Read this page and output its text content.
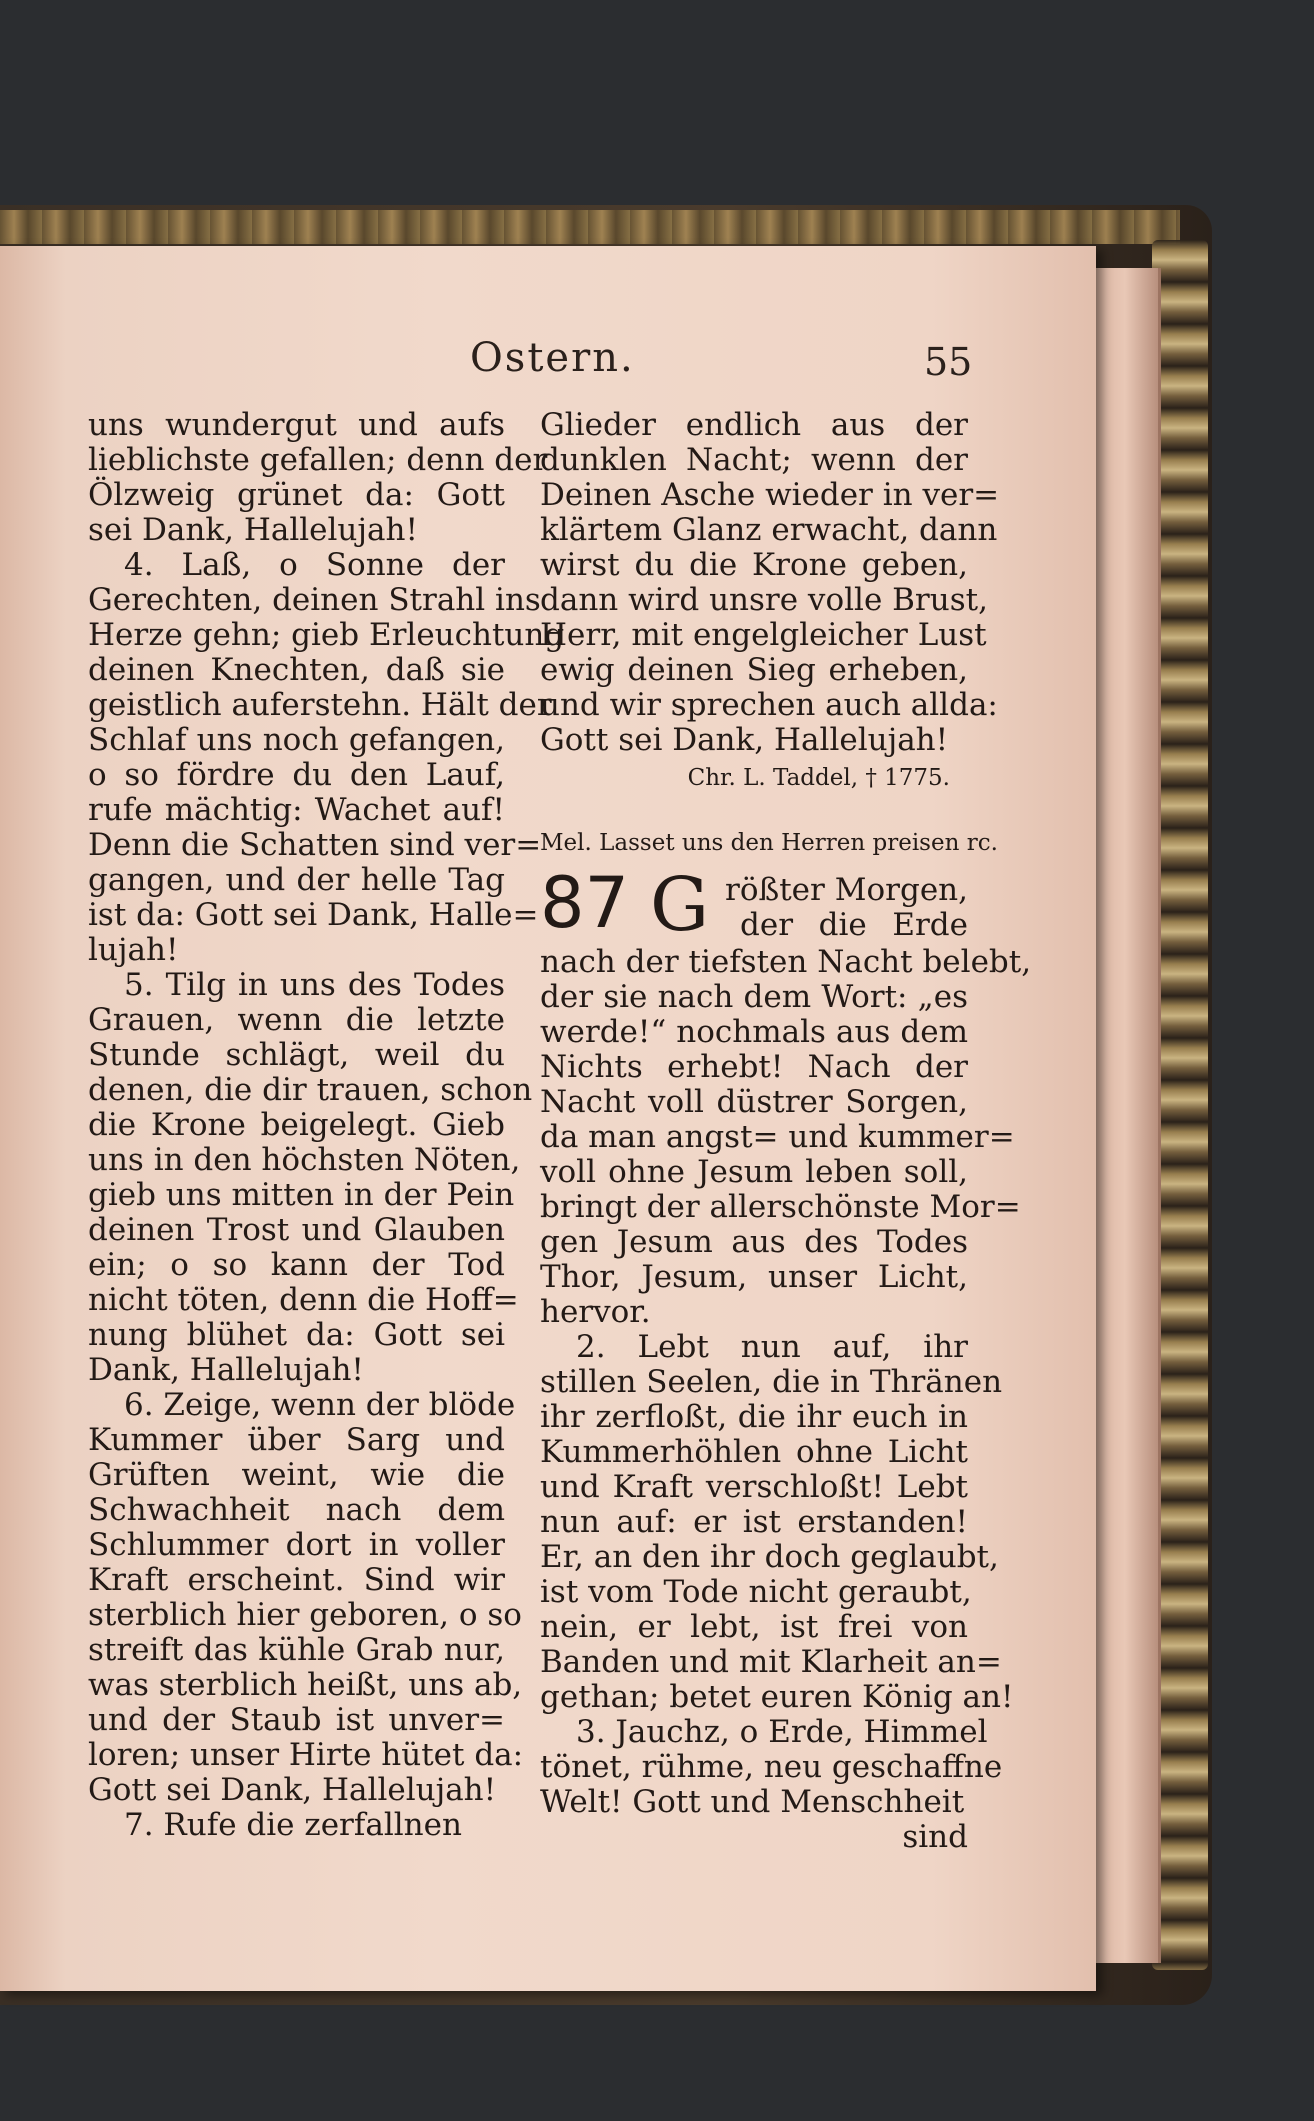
Ostern.	55
uns wundergut und aufs
lieblichste gefallen; denn der
Ölzweig grünet da: Gott
sei Dank, Hallelujah!
4. Laß, o Sonne der
Gerechten, deinen Strahl ins
Herze gehn; gieb Erleuchtung
deinen Knechten, daß sie
geistlich auferstehn. Hält der
Schlaf uns noch gefangen,
o so fördre du den Lauf,
rufe mächtig: Wachet auf!
Denn die Schatten sind ver=
gangen, und der helle Tag
ist da: Gott sei Dank, Halle=
lujah!
5. Tilg in uns des Todes
Grauen, wenn die letzte
Stunde schlägt, weil du
denen, die dir trauen, schon
die Krone beigelegt. Gieb
uns in den höchsten Nöten,
gieb uns mitten in der Pein
deinen Trost und Glauben
ein; o so kann der Tod
nicht töten, denn die Hoff=
nung blühet da: Gott sei
Dank, Hallelujah!
6. Zeige, wenn der blöde
Kummer über Sarg und
Grüften weint, wie die
Schwachheit nach dem
Schlummer dort in voller
Kraft erscheint. Sind wir
sterblich hier geboren, o so
streift das kühle Grab nur,
was sterblich heißt, uns ab,
und der Staub ist unver=
loren; unser Hirte hütet da:
Gott sei Dank, Hallelujah!
7. Rufe die zerfallnen
Glieder endlich aus der
dunklen Nacht; wenn der
Deinen Asche wieder in ver=
klärtem Glanz erwacht, dann
wirst du die Krone geben,
dann wird unsre volle Brust,
Herr, mit engelgleicher Lust
ewig deinen Sieg erheben,
und wir sprechen auch allda:
Gott sei Dank, Hallelujah!
Chr. L. Taddel, † 1775.
Mel. Lasset uns den Herren preisen rc.
87 G rößter Morgen,
der die Erde
nach der tiefsten Nacht belebt,
der sie nach dem Wort: „es
werde!“ nochmals aus dem
Nichts erhebt! Nach der
Nacht voll düstrer Sorgen,
da man angst= und kummer=
voll ohne Jesum leben soll,
bringt der allerschönste Mor=
gen Jesum aus des Todes
Thor, Jesum, unser Licht,
hervor.
2. Lebt nun auf, ihr
stillen Seelen, die in Thränen
ihr zerfloßt, die ihr euch in
Kummerhöhlen ohne Licht
und Kraft verschloßt! Lebt
nun auf: er ist erstanden!
Er, an den ihr doch geglaubt,
ist vom Tode nicht geraubt,
nein, er lebt, ist frei von
Banden und mit Klarheit an=
gethan; betet euren König an!
3. Jauchz, o Erde, Himmel
tönet, rühme, neu geschaffne
Welt! Gott und Menschheit
sind
